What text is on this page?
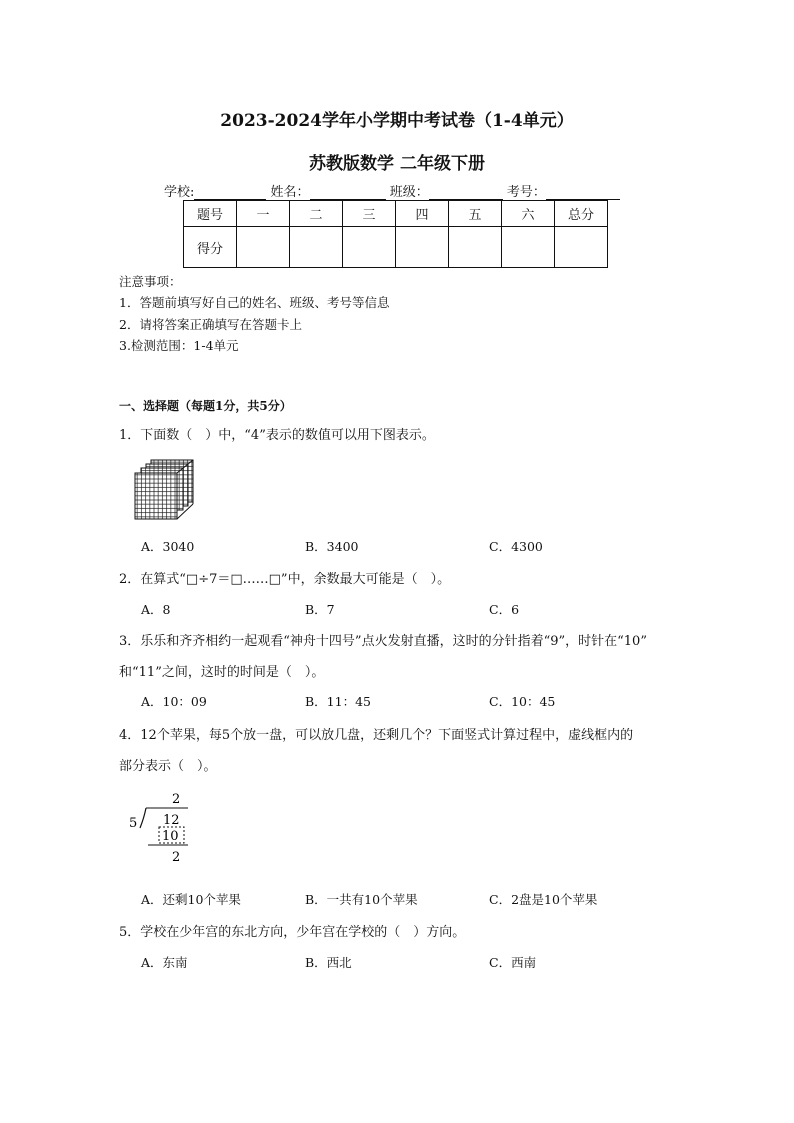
2023-2024学年小学期中考试卷（1-4单元）
苏教版数学 二年级下册
学校:	姓名：	班级：	考号：
题号	一	二	三	四	五	六	总分
得分							
注意事项：
1．答题前填写好自己的姓名、班级、考号等信息
2．请将答案正确填写在答题卡上
3.检测范围：1-4单元
一、选择题（每题1分，共5分）
1．下面数（　）中，“4”表示的数值可以用下图表示。
A．3040	B．3400	C．4300
2．在算式“□÷7＝□……□”中，余数最大可能是（　）。
A．8	B．7	C．6
3．乐乐和齐齐相约一起观看“神舟十四号”点火发射直播，这时的分针指着“9”，时针在“10”
和“11”之间，这时的时间是（　）。
A．10：09	B．11：45	C．10：45
4．12个苹果，每5个放一盘，可以放几盘，还剩几个？下面竖式计算过程中，虚线框内的
部分表示（　）。
2
5 12
10
2
A．还剩10个苹果	B．一共有10个苹果	C．2盘是10个苹果
5．学校在少年宫的东北方向，少年宫在学校的（　）方向。
A．东南	B．西北	C．西南
